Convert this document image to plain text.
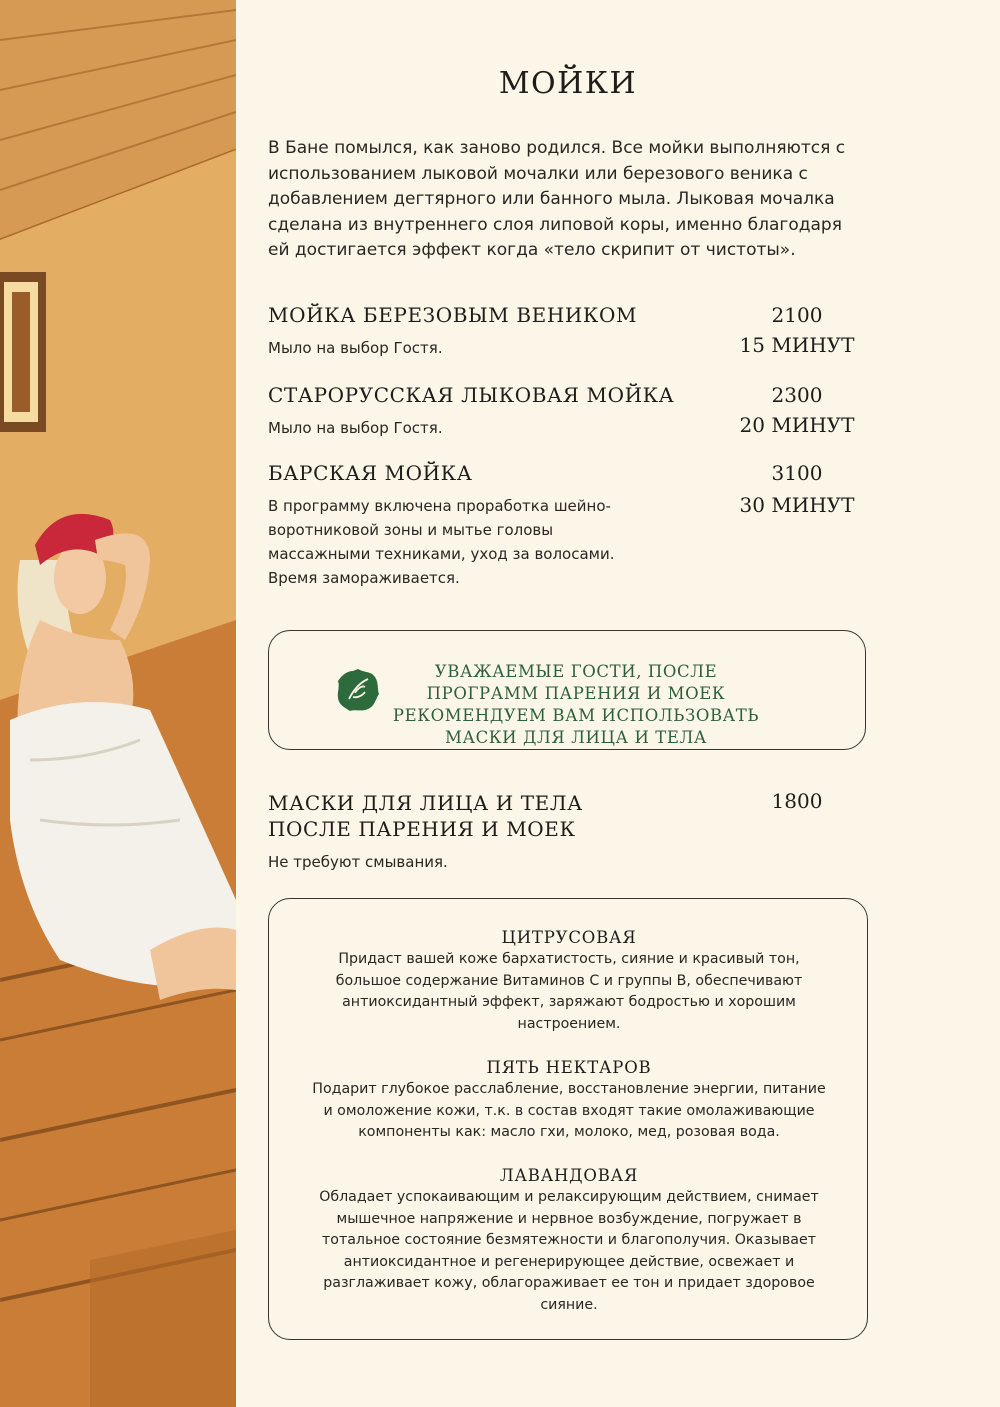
МОЙКИ
В Бане помылся, как заново родился. Все мойки выполняются с использованием лыковой мочалки или березового веника с добавлением дегтярного или банного мыла. Лыковая мочалка сделана из внутреннего слоя липовой коры, именно благодаря ей достигается эффект когда «тело скрипит от чистоты».
МОЙКА БЕРЕЗОВЫМ ВЕНИКОМ
Мыло на выбор Гостя.
2100
15 МИНУТ
СТАРОРУССКАЯ ЛЫКОВАЯ МОЙКА
Мыло на выбор Гостя.
2300
20 МИНУТ
БАРСКАЯ МОЙКА
В программу включена проработка шейно-воротниковой зоны и мытье головы массажными техниками, уход за волосами. Время замораживается.
3100
30 МИНУТ
УВАЖАЕМЫЕ ГОСТИ, ПОСЛЕ ПРОГРАММ ПАРЕНИЯ И МОЕК РЕКОМЕНДУЕМ ВАМ ИСПОЛЬЗОВАТЬ МАСКИ ДЛЯ ЛИЦА И ТЕЛА
МАСКИ ДЛЯ ЛИЦА И ТЕЛА ПОСЛЕ ПАРЕНИЯ И МОЕК
Не требуют смывания.
1800
ЦИТРУСОВАЯ
Придаст вашей коже бархатистость, сияние и красивый тон, большое содержание Витаминов С и группы В, обеспечивают антиоксидантный эффект, заряжают бодростью и хорошим настроением.
ПЯТЬ НЕКТАРОВ
Подарит глубокое расслабление, восстановление энергии, питание и омоложение кожи, т.к. в состав входят такие омолаживающие компоненты как: масло гхи, молоко, мед, розовая вода.
ЛАВАНДОВАЯ
Обладает успокаивающим и релаксирующим действием, снимает мышечное напряжение и нервное возбуждение, погружает в тотальное состояние безмятежности и благополучия. Оказывает антиоксидантное и регенерирующее действие, освежает и разглаживает кожу, облагораживает ее тон и придает здоровое сияние.
